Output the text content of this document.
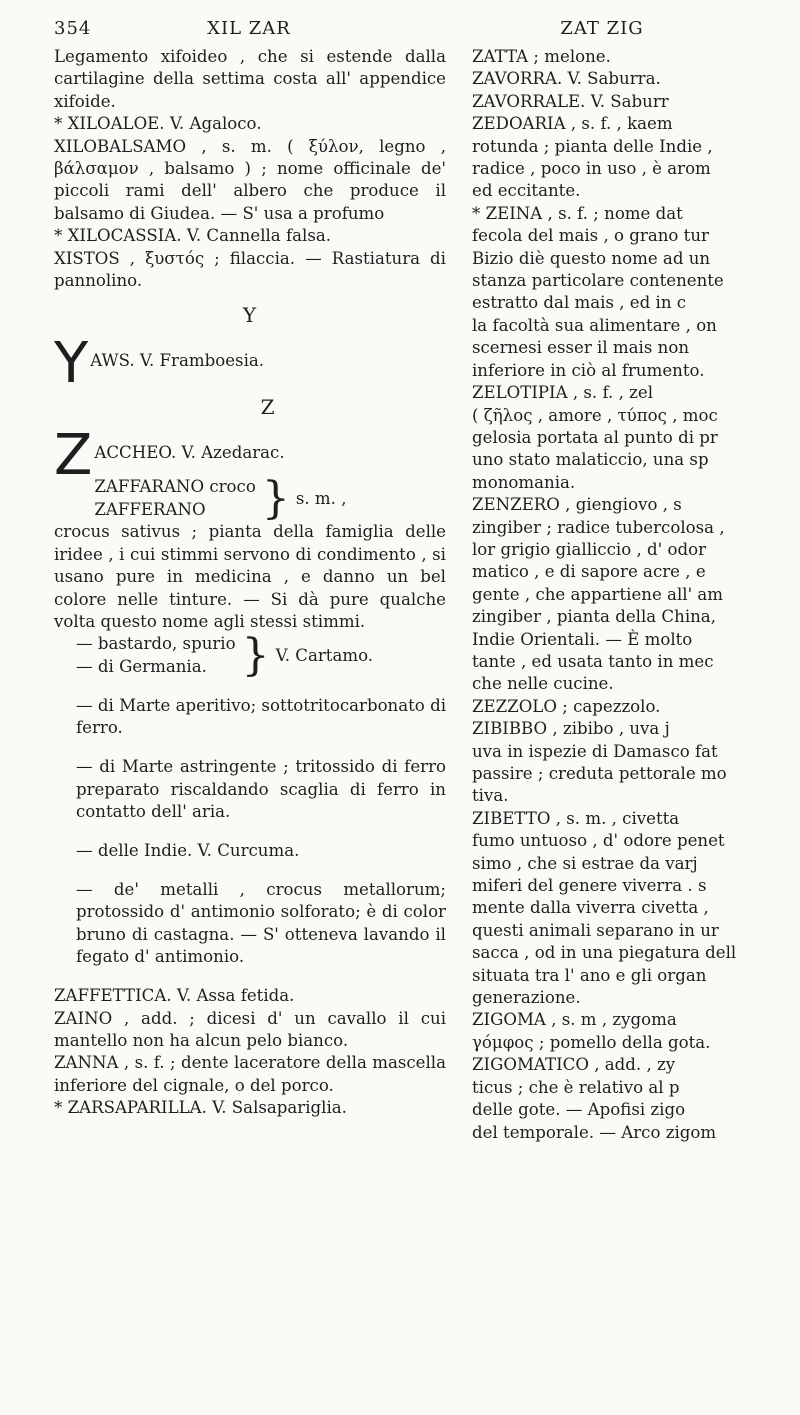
354	XIL ZAR

Legamento xifoideo , che si estende dalla cartilagine della settima costa all' appendice xifoide.

* XILOALOE. V. Agaloco.

XILOBALSAMO , s. m. ( ξύλον, legno , βάλσαμον , balsamo ) ; nome officinale de' piccoli rami dell' albero che produce il balsamo di Giudea. — S' usa a profumo

* XILOCASSIA. V. Cannella falsa.

XISTOS , ξυστός ; filaccia. — Rastiatura di pannolino.

Y

Y AWS. V. Framboesia.

Z

Z ACCHEO. V. Azedarac.

ZAFFARANO croco
ZAFFERANO	} s. m. ,

crocus sativus ; pianta della famiglia delle iridee , i cui stimmi servono di condimento , si usano pure in medicina , e danno un bel colore nelle tinture. — Si dà pure qualche volta questo nome agli stessi stimmi.

— bastardo, spurio
— di Germania. } V. Cartamo.

— di Marte aperitivo; sottotritocarbonato di ferro.

— di Marte astringente ; tritossido di ferro preparato riscaldando scaglia di ferro in contatto dell' aria.

— delle Indie. V. Curcuma.

— de' metalli , crocus metallorum; protossido d' antimonio solforato; è di color bruno di castagna. — S' otteneva lavando il fegato d' antimonio.

ZAFFETTICA. V. Assa fetida.

ZAINO , add. ; dicesi d' un cavallo il cui mantello non ha alcun pelo bianco.

ZANNA , s. f. ; dente laceratore della mascella inferiore del cignale, o del porco.

* ZARSAPARILLA. V. Salsapariglia.

ZAT ZIG

ZATTA ; melone.

ZAVORRA. V. Saburra.

ZAVORRALE. V. Saburr

ZEDOARIA , s. f. , kaem

rotunda ; pianta delle Indie ,

radice , poco in uso , è arom

ed eccitante.

* ZEINA , s. f. ; nome dat

fecola del mais , o grano tur

Bizio diè questo nome ad un

stanza particolare contenente

estratto dal mais , ed in c

la facoltà sua alimentare , on

scernesi esser il mais non

inferiore in ciò al frumento.

ZELOTIPIA , s. f. , zel

( ζῆλος , amore , τύπος , moc

gelosia portata al punto di pr

uno stato malaticcio, una sp

monomania.

ZENZERO , giengiovo , s

zingiber ; radice tubercolosa ,

lor grigio gialliccio , d' odor

matico , e di sapore acre , e

gente , che appartiene all' am

zingiber , pianta della China,

Indie Orientali. — È molto

tante , ed usata tanto in mec

che nelle cucine.

ZEZZOLO ; capezzolo.

ZIBIBBO , zibibo , uva j

uva in ispezie di Damasco fat

passire ; creduta pettorale mo

tiva.

ZIBETTO , s. m. , civetta

fumo untuoso , d' odore penet

simo , che si estrae da varj

miferi del genere viverra . s

mente dalla viverra civetta ,

questi animali separano in ur

sacca , od in una piegatura dell

situata tra l' ano e gli organ

generazione.

ZIGOMA , s. m , zygoma

γόμφος ; pomello della gota.

ZIGOMATICO , add. , zy

ticus ; che è relativo al p

delle gote. — Apofisi zigo

del temporale. — Arco zigom
